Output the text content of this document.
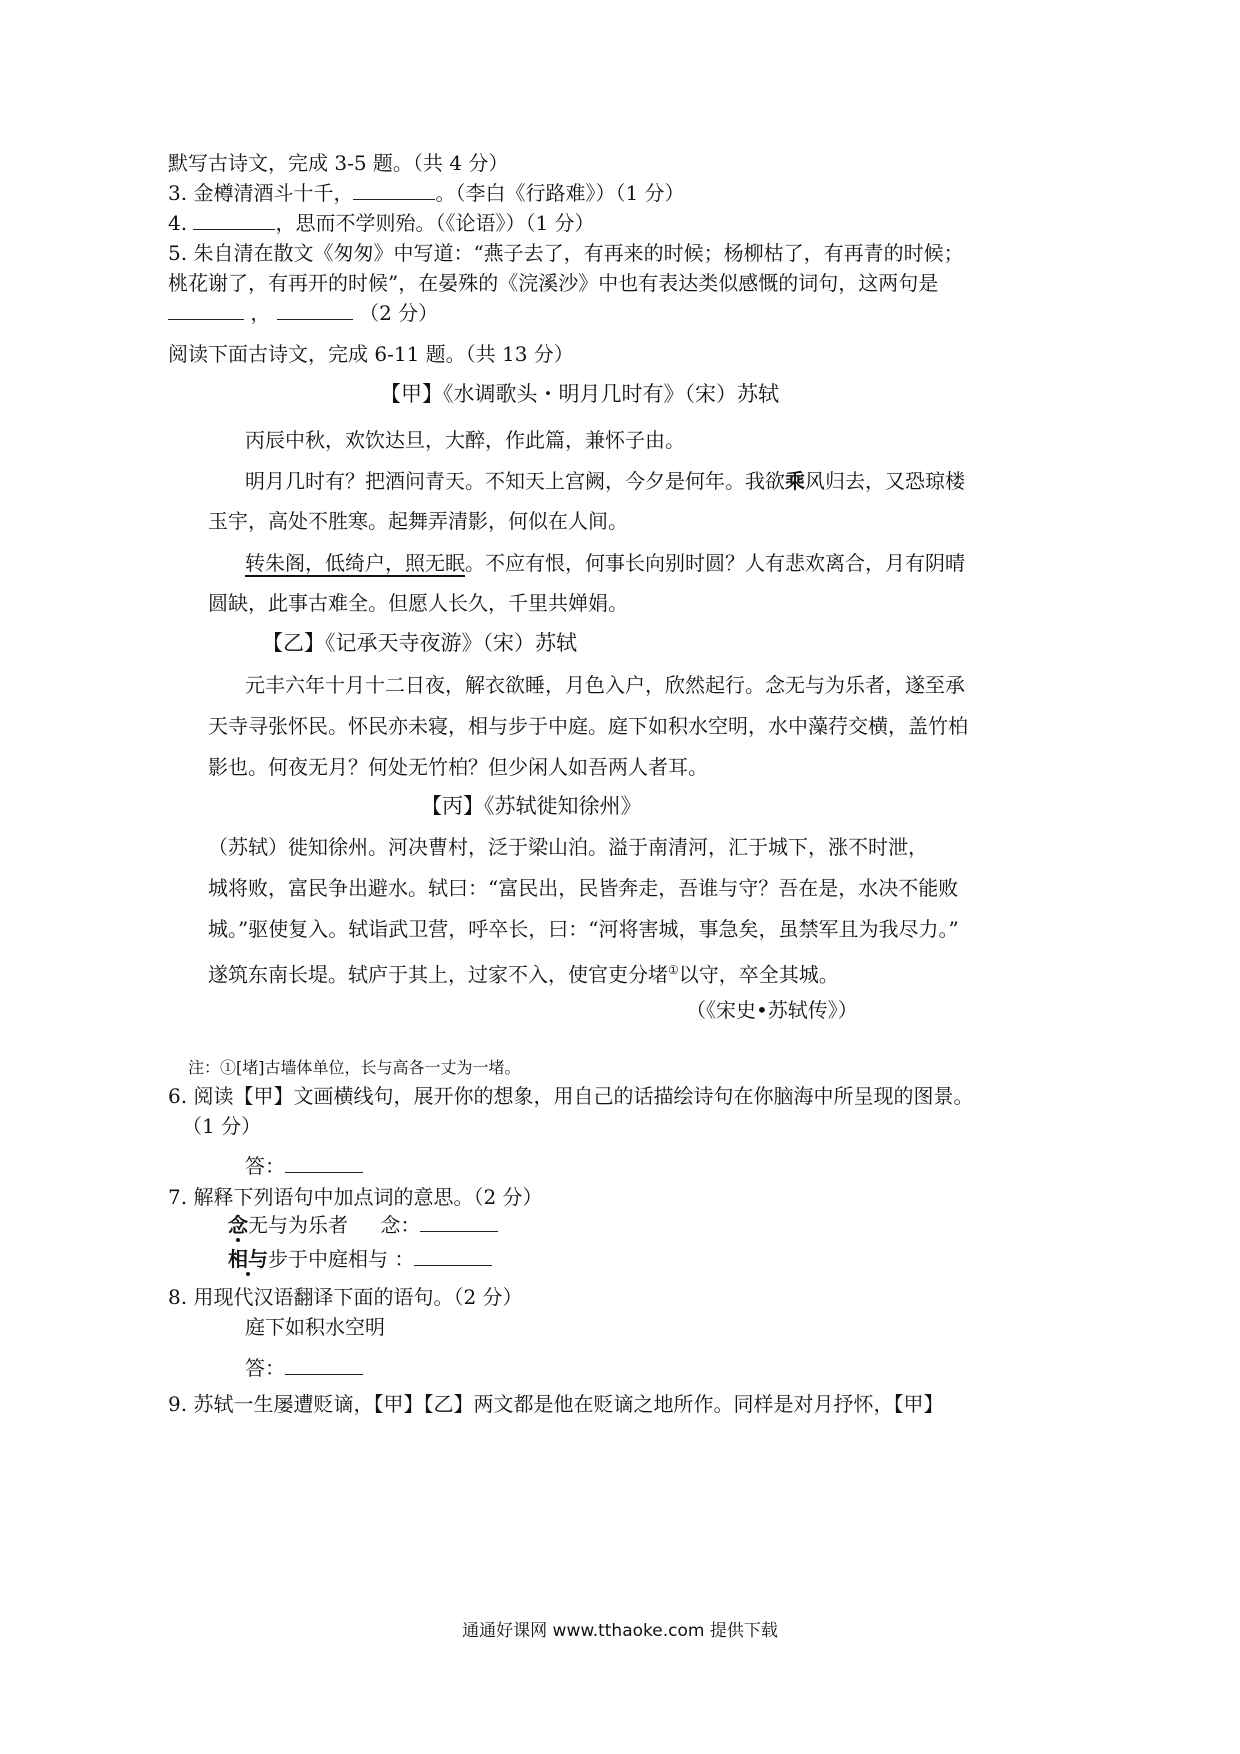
默写古诗文，完成 3-5 题。（共 4 分）
3. 金樽清酒斗十千，	。（李白《行路难》）（1 分）
4.	，思而不学则殆。（《论语》）（1 分）
5. 朱自清在散文《匆匆》中写道：“燕子去了，有再来的时候；杨柳枯了，有再青的时候；
桃花谢了，有再开的时候”，在晏殊的《浣溪沙》中也有表达类似感慨的词句，这两句是
，	（2 分）
阅读下面古诗文，完成 6-11 题。（共 13 分）
【甲】《水调歌头・明月几时有》（宋）苏轼
丙辰中秋，欢饮达旦，大醉，作此篇，兼怀子由。
明月几时有？把酒问青天。不知天上宫阙，今夕是何年。我欲乘风归去，又恐琼楼
玉宇，高处不胜寒。起舞弄清影，何似在人间。
转朱阁，低绮户，照无眠。不应有恨，何事长向别时圆？人有悲欢离合，月有阴晴
圆缺，此事古难全。但愿人长久，千里共婵娟。
【乙】《记承天寺夜游》（宋）苏轼
元丰六年十月十二日夜，解衣欲睡，月色入户，欣然起行。念无与为乐者，遂至承
天寺寻张怀民。怀民亦未寝，相与步于中庭。庭下如积水空明，水中藻荇交横，盖竹柏
影也。何夜无月？何处无竹柏？但少闲人如吾两人者耳。
【丙】《苏轼徙知徐州》
（苏轼）徙知徐州。河决曹村，泛于梁山泊。溢于南清河，汇于城下，涨不时泄，
城将败，富民争出避水。轼曰：“富民出，民皆奔走，吾谁与守？吾在是，水决不能败
城。”驱使复入。轼诣武卫营，呼卒长，曰：“河将害城，事急矣，虽禁军且为我尽力。”
遂筑东南长堤。轼庐于其上，过家不入，使官吏分堵①以守，卒全其城。
（《宋史•苏轼传》）
注：①[堵]古墙体单位，长与高各一丈为一堵。
6. 阅读【甲】文画横线句，展开你的想象，用自己的话描绘诗句在你脑海中所呈现的图景。
（1 分）
答：
7. 解释下列语句中加点词的意思。（2 分）
念无与为乐者 念：
相与步于中庭相与 ：
8. 用现代汉语翻译下面的语句。（2 分）
庭下如积水空明
答：
9. 苏轼一生屡遭贬谪，【甲】【乙】两文都是他在贬谪之地所作。同样是对月抒怀，【甲】
通通好课网 www.tthaoke.com 提供下载
